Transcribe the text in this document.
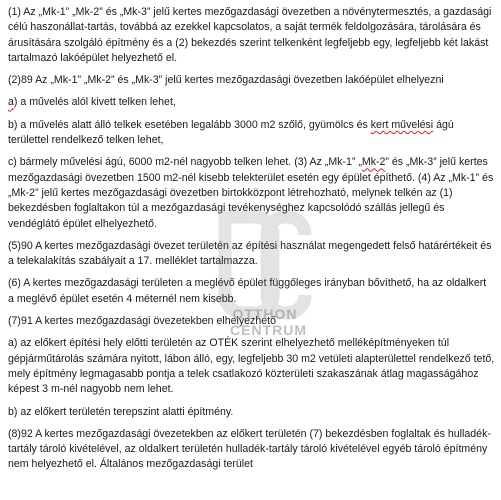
(1) Az „Mk-1” „Mk-2” és „Mk-3” jelű kertes mezőgazdasági övezetben a növénytermesztés, a gazdasági célú haszonállat-tartás, továbbá az ezekkel kapcsolatos, a saját termék feldolgozására, tárolására és árusítására szolgáló építmény és a (2) bekezdés szerint telkenként legfeljebb egy, legfeljebb két lakást tartalmazó lakóépület helyezhető el.

(2)89 Az „Mk-1” „Mk-2” és „Mk-3” jelű kertes mezőgazdasági övezetben lakóépület elhelyezni

a) a művelés alól kivett telken lehet,

b) a művelés alatt álló telkek esetében legalább 3000 m2 szőlő, gyümölcs és kert művelési ágú területtel rendelkező telken lehet,

c) bármely művelési ágú, 6000 m2-nél nagyobb telken lehet. (3) Az „Mk-1” „Mk-2” és „Mk-3” jelű kertes mezőgazdasági övezetben 1500 m2-nél kisebb telekterület esetén egy épület építhető. (4) Az „Mk-1” és „Mk-2” jelű kertes mezőgazdasági övezetben birtokközpont létrehozható, melynek telkén az (1) bekezdésben foglaltakon túl a mezőgazdasági tevékenységhez kapcsolódó szállás jellegű és vendéglátó épület elhelyezhető.

(5)90 A kertes mezőgazdasági övezet területén az építési használat megengedett felső határértékeit és a telekalakítás szabályait a 17. melléklet tartalmazza.

(6) A kertes mezőgazdasági területen a meglévő épület függőleges irányban bővíthető, ha az oldalkert a meglévő épület esetén 4 méternél nem kisebb.

(7)91 A kertes mezőgazdasági övezetekben elhelyezhető

a) az előkert építési hely előtti területén az OTÉK szerint elhelyezhető melléképítményeken túl gépjárműtárolás számára nyitott, lábon álló, egy, legfeljebb 30 m2 vetületi alapterülettel rendelkező tető, mely építmény legmagasabb pontja a telek csatlakozó közterületi szakaszának átlag magasságához képest 3 m-nél nagyobb nem lehet.

b) az előkert területén terepszint alatti építmény.

(8)92 A kertes mezőgazdasági övezetekben az előkert területén (7) bekezdésben foglaltak és hulladék-tartály tároló kivételével, az oldalkert területén hulladék-tartály tároló kivételével egyéb tároló építmény nem helyezhető el. Általános mezőgazdasági terület

OTTHON
CENTRUM
